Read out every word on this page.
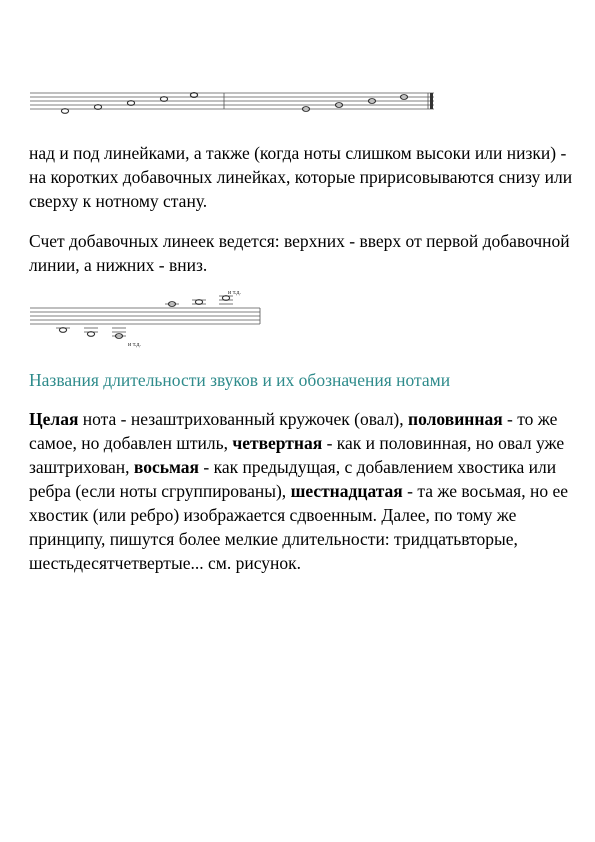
над и под линейками, а также (когда ноты слишком высоки или низки) - на коротких добавочных линейках, которые пририсовываются снизу или сверху к нотному стану.

Счет добавочных линеек ведется: верхних - вверх от первой добавочной линии, а нижних - вниз.

и т.д.
и т.д.
Названия длительности звуков и их обозначения нотами

Целая нота - незаштрихованный кружочек (овал), половинная - то же самое, но добавлен штиль, четвертная - как и половинная, но овал уже заштрихован, восьмая - как предыдущая, с добавлением хвостика или ребра (если ноты сгруппированы), шестнадцатая - та же восьмая, но ее хвостик (или ребро) изображается сдвоенным. Далее, по тому же принципу, пишутся более мелкие длительности: тридцатьвторые, шестьдесятчетвертые... см. рисунок.
